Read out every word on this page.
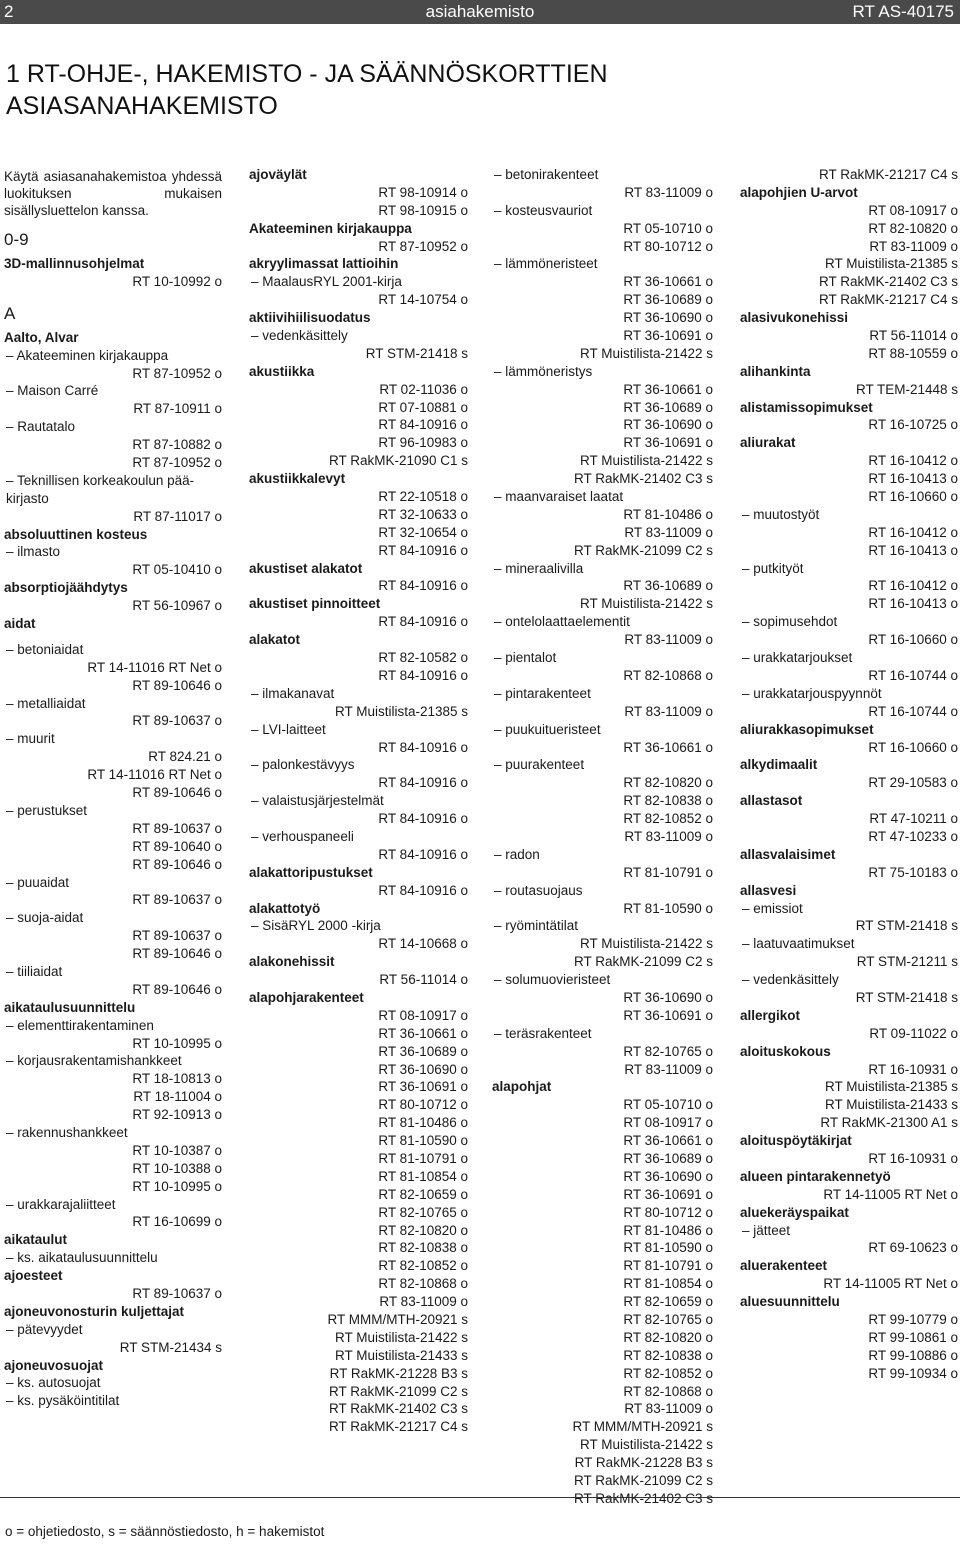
2	asiahakemisto	RT AS-40175
1 RT-OHJE-, HAKEMISTO - JA SÄÄNNÖSKORTTIEN
ASIASANAHAKEMISTO
Käytä asiasanahakemistoa yhdessä luokituksen mukaisen sisällysluettelon kanssa.
0-9
3D-mallinnusohjelmat
RT 10-10992 o
A
Aalto, Alvar
– Akateeminen kirjakauppa
RT 87-10952 o
– Maison Carré
RT 87-10911 o
– Rautatalo
RT 87-10882 o
RT 87-10952 o
– Teknillisen korkeakoulun pää-
kirjasto
RT 87-11017 o
absoluuttinen kosteus
– ilmasto
RT 05-10410 o
absorptiojäähdytys
RT 56-10967 o
aidat
– betoniaidat
RT 14-11016 RT Net o
RT 89-10646 o
– metalliaidat
RT 89-10637 o
– muurit
RT 824.21 o
RT 14-11016 RT Net o
RT 89-10646 o
– perustukset
RT 89-10637 o
RT 89-10640 o
RT 89-10646 o
– puuaidat
RT 89-10637 o
– suoja-aidat
RT 89-10637 o
RT 89-10646 o
– tiiliaidat
RT 89-10646 o
aikataulusuunnittelu
– elementtirakentaminen
RT 10-10995 o
– korjausrakentamishankkeet
RT 18-10813 o
RT 18-11004 o
RT 92-10913 o
– rakennushankkeet
RT 10-10387 o
RT 10-10388 o
RT 10-10995 o
– urakkarajaliitteet
RT 16-10699 o
aikataulut
– ks. aikataulusuunnittelu
ajoesteet
RT 89-10637 o
ajoneuvonosturin kuljettajat
– pätevyydet
RT STM-21434 s
ajoneuvosuojat
– ks. autosuojat
– ks. pysäköintitilat
ajoväylät
RT 98-10914 o
RT 98-10915 o
Akateeminen kirjakauppa
RT 87-10952 o
akryylimassat lattioihin
– MaalausRYL 2001-kirja
RT 14-10754 o
aktiivihiilisuodatus
– vedenkäsittely
RT STM-21418 s
akustiikka
RT 02-11036 o
RT 07-10881 o
RT 84-10916 o
RT 96-10983 o
RT RakMK-21090 C1 s
akustiikkalevyt
RT 22-10518 o
RT 32-10633 o
RT 32-10654 o
RT 84-10916 o
akustiset alakatot
RT 84-10916 o
akustiset pinnoitteet
RT 84-10916 o
alakatot
RT 82-10582 o
RT 84-10916 o
– ilmakanavat
RT Muistilista-21385 s
– LVI-laitteet
RT 84-10916 o
– palonkestävyys
RT 84-10916 o
– valaistusjärjestelmät
RT 84-10916 o
– verhouspaneeli
RT 84-10916 o
alakattoripustukset
RT 84-10916 o
alakattotyö
– SisäRYL 2000 -kirja
RT 14-10668 o
alakonehissit
RT 56-11014 o
alapohjarakenteet
RT 08-10917 o
RT 36-10661 o
RT 36-10689 o
RT 36-10690 o
RT 36-10691 o
RT 80-10712 o
RT 81-10486 o
RT 81-10590 o
RT 81-10791 o
RT 81-10854 o
RT 82-10659 o
RT 82-10765 o
RT 82-10820 o
RT 82-10838 o
RT 82-10852 o
RT 82-10868 o
RT 83-11009 o
RT MMM/MTH-20921 s
RT Muistilista-21422 s
RT Muistilista-21433 s
RT RakMK-21228 B3 s
RT RakMK-21099 C2 s
RT RakMK-21402 C3 s
RT RakMK-21217 C4 s
– betonirakenteet
RT 83-11009 o
– kosteusvauriot
RT 05-10710 o
RT 80-10712 o
– lämmöneristeet
RT 36-10661 o
RT 36-10689 o
RT 36-10690 o
RT 36-10691 o
RT Muistilista-21422 s
– lämmöneristys
RT 36-10661 o
RT 36-10689 o
RT 36-10690 o
RT 36-10691 o
RT Muistilista-21422 s
RT RakMK-21402 C3 s
– maanvaraiset laatat
RT 81-10486 o
RT 83-11009 o
RT RakMK-21099 C2 s
– mineraalivilla
RT 36-10689 o
RT Muistilista-21422 s
– ontelolaattaelementit
RT 83-11009 o
– pientalot
RT 82-10868 o
– pintarakenteet
RT 83-11009 o
– puukuitueristeet
RT 36-10661 o
– puurakenteet
RT 82-10820 o
RT 82-10838 o
RT 82-10852 o
RT 83-11009 o
– radon
RT 81-10791 o
– routasuojaus
RT 81-10590 o
– ryömintätilat
RT Muistilista-21422 s
RT RakMK-21099 C2 s
– solumuovieristeet
RT 36-10690 o
RT 36-10691 o
– teräsrakenteet
RT 82-10765 o
RT 83-11009 o
alapohjat
RT 05-10710 o
RT 08-10917 o
RT 36-10661 o
RT 36-10689 o
RT 36-10690 o
RT 36-10691 o
RT 80-10712 o
RT 81-10486 o
RT 81-10590 o
RT 81-10791 o
RT 81-10854 o
RT 82-10659 o
RT 82-10765 o
RT 82-10820 o
RT 82-10838 o
RT 82-10852 o
RT 82-10868 o
RT 83-11009 o
RT MMM/MTH-20921 s
RT Muistilista-21422 s
RT RakMK-21228 B3 s
RT RakMK-21099 C2 s
RT RakMK-21402 C3 s
RT RakMK-21217 C4 s
alapohjien U-arvot
RT 08-10917 o
RT 82-10820 o
RT 83-11009 o
RT Muistilista-21385 s
RT RakMK-21402 C3 s
RT RakMK-21217 C4 s
alasivukonehissi
RT 56-11014 o
RT 88-10559 o
alihankinta
RT TEM-21448 s
alistamissopimukset
RT 16-10725 o
aliurakat
RT 16-10412 o
RT 16-10413 o
RT 16-10660 o
– muutostyöt
RT 16-10412 o
RT 16-10413 o
– putkityöt
RT 16-10412 o
RT 16-10413 o
– sopimusehdot
RT 16-10660 o
– urakkatarjoukset
RT 16-10744 o
– urakkatarjouspyynnöt
RT 16-10744 o
aliurakkasopimukset
RT 16-10660 o
alkydimaalit
RT 29-10583 o
allastasot
RT 47-10211 o
RT 47-10233 o
allasvalaisimet
RT 75-10183 o
allasvesi
– emissiot
RT STM-21418 s
– laatuvaatimukset
RT STM-21211 s
– vedenkäsittely
RT STM-21418 s
allergikot
RT 09-11022 o
aloituskokous
RT 16-10931 o
RT Muistilista-21385 s
RT Muistilista-21433 s
RT RakMK-21300 A1 s
aloituspöytäkirjat
RT 16-10931 o
alueen pintarakennetyö
RT 14-11005 RT Net o
aluekeräyspaikat
– jätteet
RT 69-10623 o
aluerakenteet
RT 14-11005 RT Net o
aluesuunnittelu
RT 99-10779 o
RT 99-10861 o
RT 99-10886 o
RT 99-10934 o
o = ohjetiedosto, s = säännöstiedosto, h = hakemistot
